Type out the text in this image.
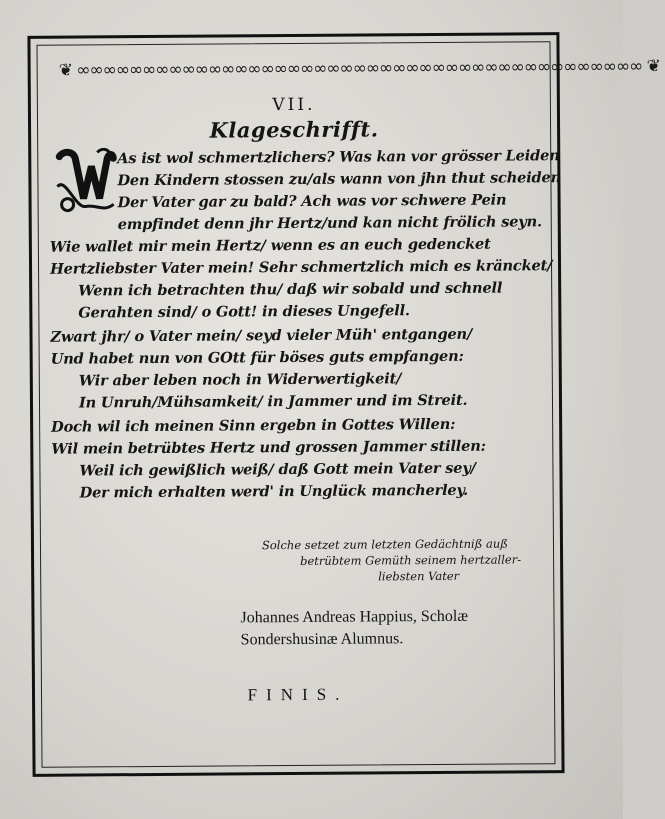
❦ ∞∞∞∞∞∞∞∞∞∞∞∞∞∞∞∞∞∞∞∞∞∞∞∞∞∞∞∞∞∞∞∞∞∞∞∞∞∞∞∞∞∞∞ ❦
VII.
Klageschrifft.
As ist wol schmertzlichers? Was kan vor grösser Leiden
Den Kindern stossen zu/als wann von jhn thut scheiden
Der Vater gar zu bald? Ach was vor schwere Pein
empfindet denn jhr Hertz/und kan nicht frölich seyn.
Wie wallet mir mein Hertz/ wenn es an euch gedencket
Hertzliebster Vater mein! Sehr schmertzlich mich es kräncket/
Wenn ich betrachten thu/ daß wir sobald und schnell
Gerahten sind/ o Gott! in dieses Ungefell.
Zwart jhr/ o Vater mein/ seyd vieler Müh' entgangen/
Und habet nun von GOtt für böses guts empfangen:
Wir aber leben noch in Widerwertigkeit/
In Unruh/Mühsamkeit/ in Jammer und im Streit.
Doch wil ich meinen Sinn ergebn in Gottes Willen:
Wil mein betrübtes Hertz und grossen Jammer stillen:
Weil ich gewißlich weiß/ daß Gott mein Vater sey/
Der mich erhalten werd' in Unglück mancherley.
Solche setzet zum letzten Gedächtniß auß
betrübtem Gemüth seinem hertzaller-
liebsten Vater
Johannes Andreas Happius, Scholæ
Sondershusinæ Alumnus.
FINIS.
